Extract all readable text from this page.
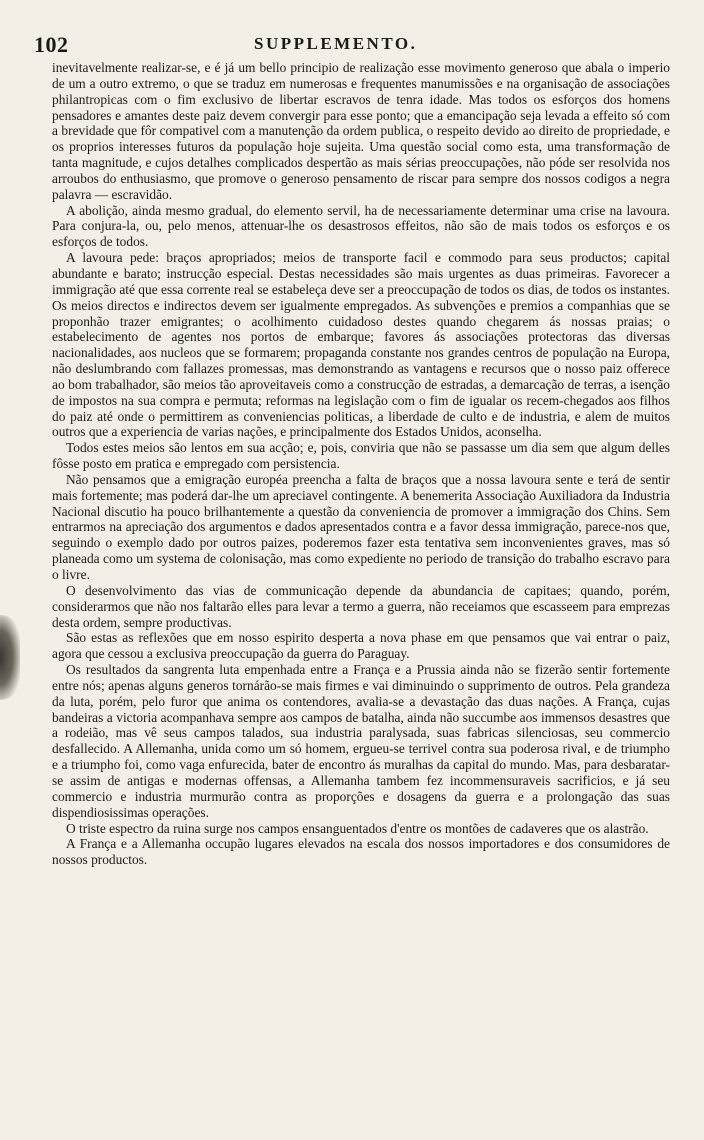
102	SUPPLEMENTO.

inevitavelmente realizar-se, e é já um bello principio de realização esse movimento generoso que abala o imperio de um a outro extremo, o que se traduz em numerosas e frequentes manumissões e na organisação de associações philantropicas com o fim exclusivo de libertar escravos de tenra idade. Mas todos os esforços dos homens pensadores e amantes deste paiz devem convergir para esse ponto; que a emancipação seja levada a effeito só com a brevidade que fôr compativel com a manutenção da ordem publica, o respeito devido ao direito de propriedade, e os proprios interesses futuros da população hoje sujeita. Uma questão social como esta, uma transformação de tanta magnitude, e cujos detalhes complicados despertão as mais sérias preoccupações, não póde ser resolvida nos arroubos do enthusiasmo, que promove o generoso pensamento de riscar para sempre dos nossos codigos a negra palavra — escravidão.

A abolição, ainda mesmo gradual, do elemento servil, ha de necessariamente determinar uma crise na lavoura. Para conjura-la, ou, pelo menos, attenuar-lhe os desastrosos effeitos, não são de mais todos os esforços e os esforços de todos.

A lavoura pede: braços apropriados; meios de transporte facil e commodo para seus productos; capital abundante e barato; instrucção especial. Destas necessidades são mais urgentes as duas primeiras. Favorecer a immigração até que essa corrente real se estabeleça deve ser a preoccupação de todos os dias, de todos os instantes. Os meios directos e indirectos devem ser igualmente empregados. As subvenções e premios a companhias que se proponhão trazer emigrantes; o acolhimento cuidadoso destes quando chegarem ás nossas praias; o estabelecimento de agentes nos portos de embarque; favores ás associações protectoras das diversas nacionalidades, aos nucleos que se formarem; propaganda constante nos grandes centros de população na Europa, não deslumbrando com fallazes promessas, mas demonstrando as vantagens e recursos que o nosso paiz offerece ao bom trabalhador, são meios tão aproveitaveis como a construcção de estradas, a demarcação de terras, a isenção de impostos na sua compra e permuta; reformas na legislação com o fim de igualar os recem-chegados aos filhos do paiz até onde o permittirem as conveniencias politicas, a liberdade de culto e de industria, e alem de muitos outros que a experiencia de varias nações, e principalmente dos Estados Unidos, aconselha.

Todos estes meios são lentos em sua acção; e, pois, conviria que não se passasse um dia sem que algum delles fôsse posto em pratica e empregado com persistencia.

Não pensamos que a emigração européa preencha a falta de braços que a nossa lavoura sente e terá de sentir mais fortemente; mas poderá dar-lhe um apreciavel contingente. A benemerita Associação Auxiliadora da Industria Nacional discutio ha pouco brilhantemente a questão da conveniencia de promover a immigração dos Chins. Sem entrarmos na apreciação dos argumentos e dados apresentados contra e a favor dessa immigração, parece-nos que, seguindo o exemplo dado por outros paizes, poderemos fazer esta tentativa sem inconvenientes graves, mas só planeada como um systema de colonisação, mas como expediente no periodo de transição do trabalho escravo para o livre.

O desenvolvimento das vias de communicação depende da abundancia de capitaes; quando, porém, considerarmos que não nos faltarão elles para levar a termo a guerra, não receiamos que escasseem para emprezas desta ordem, sempre productivas.

São estas as reflexões que em nosso espirito desperta a nova phase em que pensamos que vai entrar o paiz, agora que cessou a exclusiva preoccupação da guerra do Paraguay.

Os resultados da sangrenta luta empenhada entre a França e a Prussia ainda não se fizerão sentir fortemente entre nós; apenas alguns generos tornárão-se mais firmes e vai diminuindo o supprimento de outros. Pela grandeza da luta, porém, pelo furor que anima os contendores, avalia-se a devastação das duas nações. A França, cujas bandeiras a victoria acompanhava sempre aos campos de batalha, ainda não succumbe aos immensos desastres que a rodeião, mas vê seus campos talados, sua industria paralysada, suas fabricas silenciosas, seu commercio desfallecido. A Allemanha, unida como um só homem, ergueu-se terrivel contra sua poderosa rival, e de triumpho e a triumpho foi, como vaga enfurecida, bater de encontro ás muralhas da capital do mundo. Mas, para desbaratar-se assim de antigas e modernas offensas, a Allemanha tambem fez incommensuraveis sacrificios, e já seu commercio e industria murmurão contra as proporções e dosagens da guerra e a prolongação das suas dispendiosissimas operações.

O triste espectro da ruina surge nos campos ensanguentados d'entre os montões de cadaveres que os alastrão.

A França e a Allemanha occupão lugares elevados na escala dos nossos importadores e dos consumidores de nossos productos.
